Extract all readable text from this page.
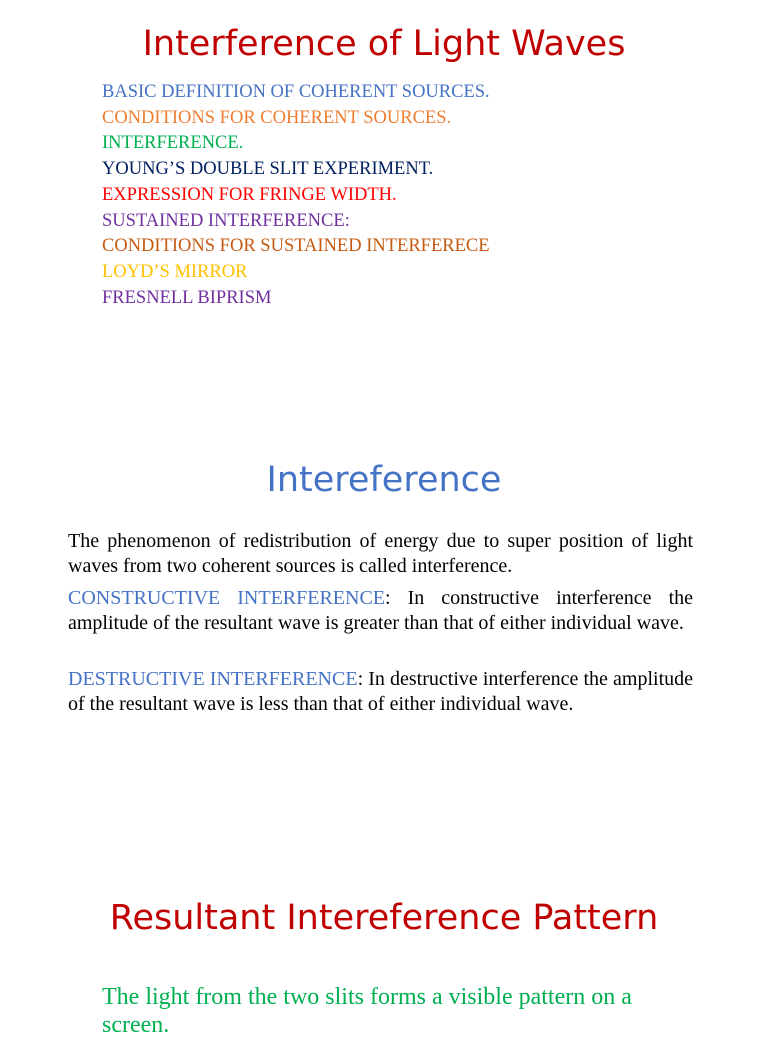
Interference of Light Waves
BASIC DEFINITION OF COHERENT SOURCES.
CONDITIONS FOR COHERENT SOURCES.
INTERFERENCE.
YOUNG’S DOUBLE SLIT EXPERIMENT.
EXPRESSION FOR FRINGE WIDTH.
SUSTAINED INTERFERENCE:
CONDITIONS FOR SUSTAINED INTERFERECE
LOYD’S MIRROR
FRESNELL BIPRISM
Intereference

The phenomenon of redistribution of energy due to super position of light waves from two coherent sources is called interference.

CONSTRUCTIVE INTERFERENCE: In constructive interference the amplitude of the resultant wave is greater than that of either individual wave.

DESTRUCTIVE INTERFERENCE: In destructive interference the amplitude of the resultant wave is less than that of either individual wave.

Resultant Intereference Pattern

The light from the two slits forms a visible pattern on a screen.
